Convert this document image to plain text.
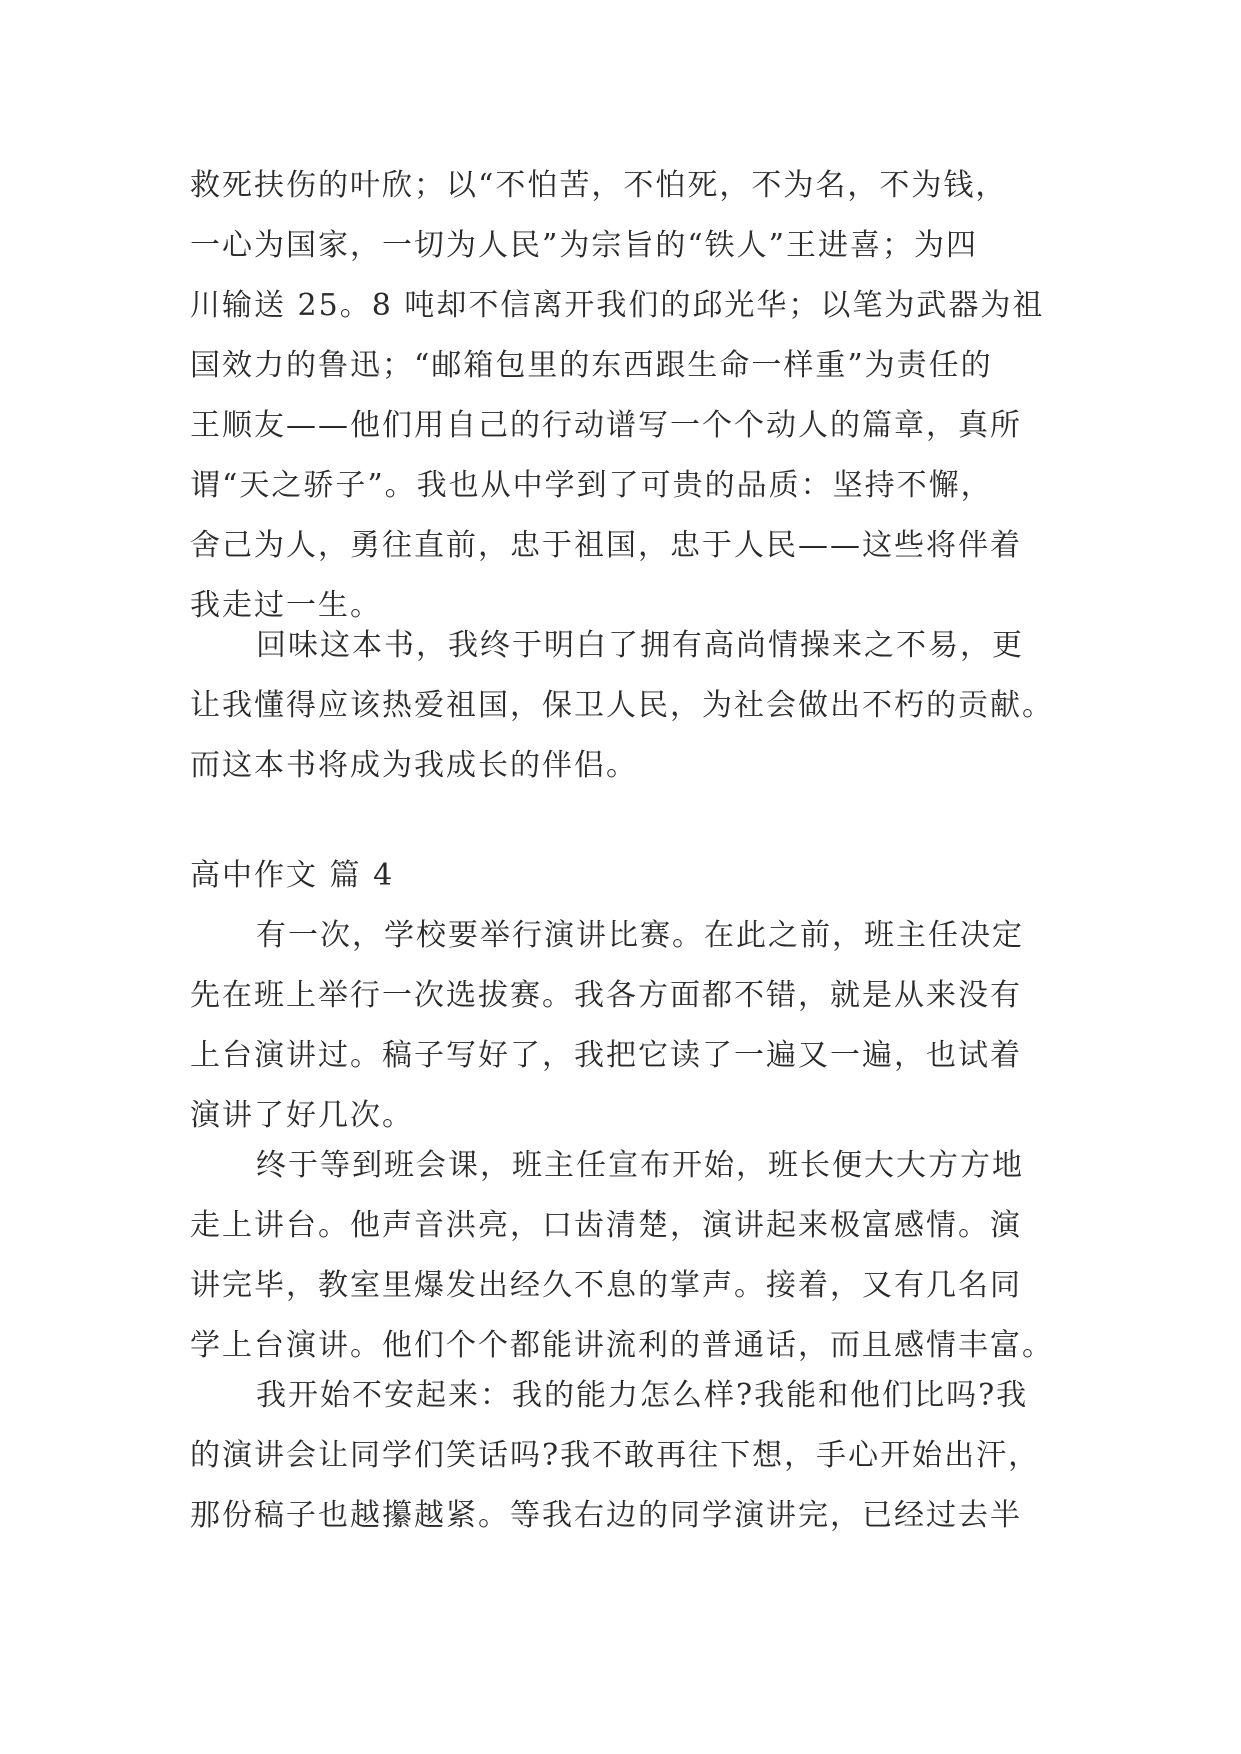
救死扶伤的叶欣；以“不怕苦，不怕死，不为名，不为钱，
一心为国家，一切为人民”为宗旨的“铁人”王进喜；为四
川输送 25。8 吨却不信离开我们的邱光华；以笔为武器为祖
国效力的鲁迅；“邮箱包里的东西跟生命一样重”为责任的
王顺友——他们用自己的行动谱写一个个动人的篇章，真所
谓“天之骄子”。我也从中学到了可贵的品质：坚持不懈，
舍己为人，勇往直前，忠于祖国，忠于人民——这些将伴着
我走过一生。
回味这本书，我终于明白了拥有高尚情操来之不易，更
让我懂得应该热爱祖国，保卫人民，为社会做出不朽的贡献。
而这本书将成为我成长的伴侣。
高中作文 篇 4
有一次，学校要举行演讲比赛。在此之前，班主任决定
先在班上举行一次选拔赛。我各方面都不错，就是从来没有
上台演讲过。稿子写好了，我把它读了一遍又一遍，也试着
演讲了好几次。
终于等到班会课，班主任宣布开始，班长便大大方方地
走上讲台。他声音洪亮，口齿清楚，演讲起来极富感情。演
讲完毕，教室里爆发出经久不息的掌声。接着，又有几名同
学上台演讲。他们个个都能讲流利的普通话，而且感情丰富。
我开始不安起来：我的能力怎么样?我能和他们比吗?我
的演讲会让同学们笑话吗?我不敢再往下想，手心开始出汗，
那份稿子也越攥越紧。等我右边的同学演讲完，已经过去半
